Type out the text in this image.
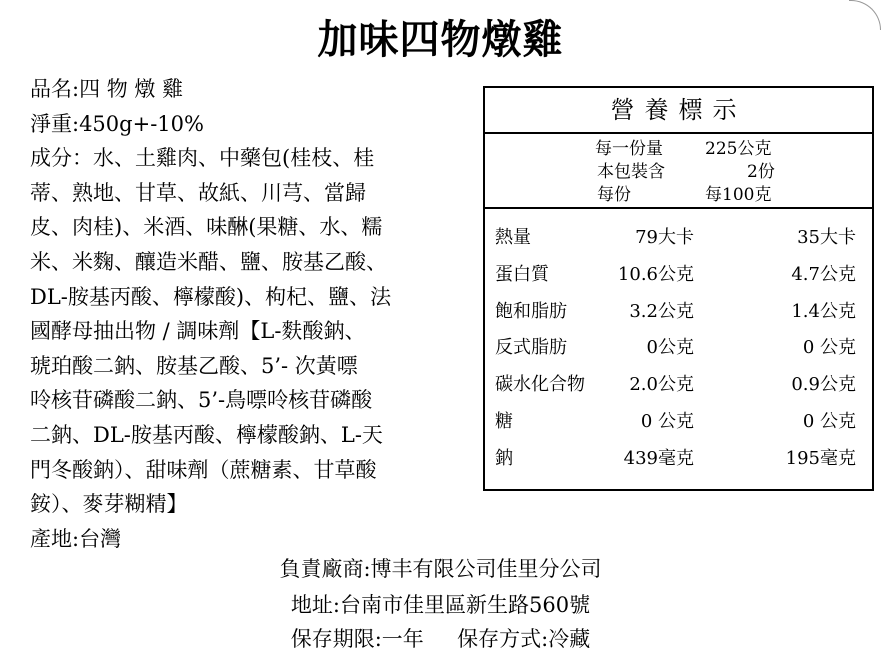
加味四物燉雞
品名:四 物 燉 雞
淨重:450g+-10%
成分：水、土雞肉、中藥包(桂枝、桂
蒂、熟地、甘草、故紙、川芎、當歸
皮、肉桂)、米酒、味醂(果糖、水、糯
米、米麴、釀造米醋、鹽、胺基乙酸、
DL-胺基丙酸、檸檬酸)、枸杞、鹽、法
國酵母抽出物 / 調味劑【L-麩酸鈉、
琥珀酸二鈉、胺基乙酸、5’- 次黃嘌
呤核苷磷酸二鈉、5’-鳥嘌呤核苷磷酸
二鈉、DL-胺基丙酸、檸檬酸鈉、L-天
門冬酸鈉）、甜味劑（蔗糖素、甘草酸
銨）、麥芽糊精】
產地:台灣
營養標示
每一份量 225公克
本包裝含	2份
每份	每100克
熱量	79大卡	35大卡
蛋白質	10.6公克	4.7公克
飽和脂肪	3.2公克	1.4公克
反式脂肪	0公克	0 公克
碳水化合物 2.0公克	0.9公克
糖	0 公克	0 公克
鈉	439毫克	195毫克
負責廠商:博丰有限公司佳里分公司
地址:台南市佳里區新生路560號
保存期限:一年     保存方式:冷藏
